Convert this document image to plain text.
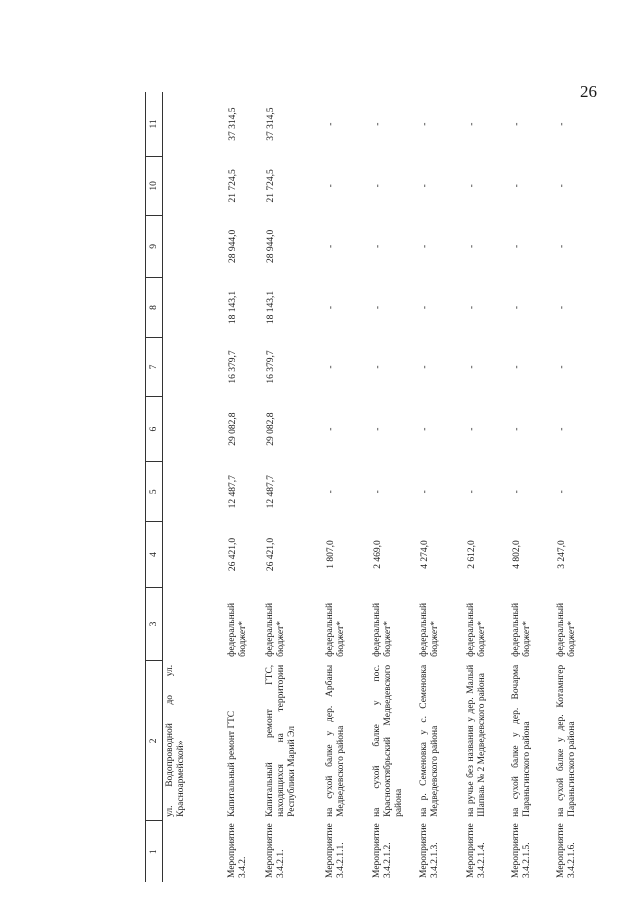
26
1	2	3	4	5	6	7	8	9	10	11
	ул. Водопроводной до ул. Красноармейской»									
Мероприятие 3.4.2.	Капитальный ремонт ГТС	федеральный бюджет*	26 421,0	12 487,7	29 082,8	16 379,7	18 143,1	28 944,0	21 724,5	37 314,5
Мероприятие 3.4.2.1.	Капитальный ремонт ГТС, находящихся на территории Республики Марий Эл	федеральный бюджет*	26 421,0	12 487,7	29 082,8	16 379,7	18 143,1	28 944,0	21 724,5	37 314,5
Мероприятие 3.4.2.1.1.	на сухой балке у дер. Арбаны Медведевского района	федеральный бюджет*	1 807,0	-	-	-	-	-	-	-
Мероприятие 3.4.2.1.2.	на сухой балке у пос. Краснооктябрьский Медведевского района	федеральный бюджет*	2 469,0	-	-	-	-	-	-	-
Мероприятие 3.4.2.1.3.	на р. Семеновка у с. Семеновка Медведевского района	федеральный бюджет*	4 274,0	-	-	-	-	-	-	-
Мероприятие 3.4.2.1.4.	на ручье без названия у дер. Малый Шапваь № 2 Медведевского района	федеральный бюджет*	2 612,0	-	-	-	-	-	-	-
Мероприятие 3.4.2.1.5.	на сухой балке у дер. Вочарма Параньгинского района	федеральный бюджет*	4 802,0	-	-	-	-	-	-	-
Мероприятие 3.4.2.1.6.	на сухой балке у дер. Котамнгер Параньгинского района	федеральный бюджет*	3 247,0	-	-	-	-	-	-	-
